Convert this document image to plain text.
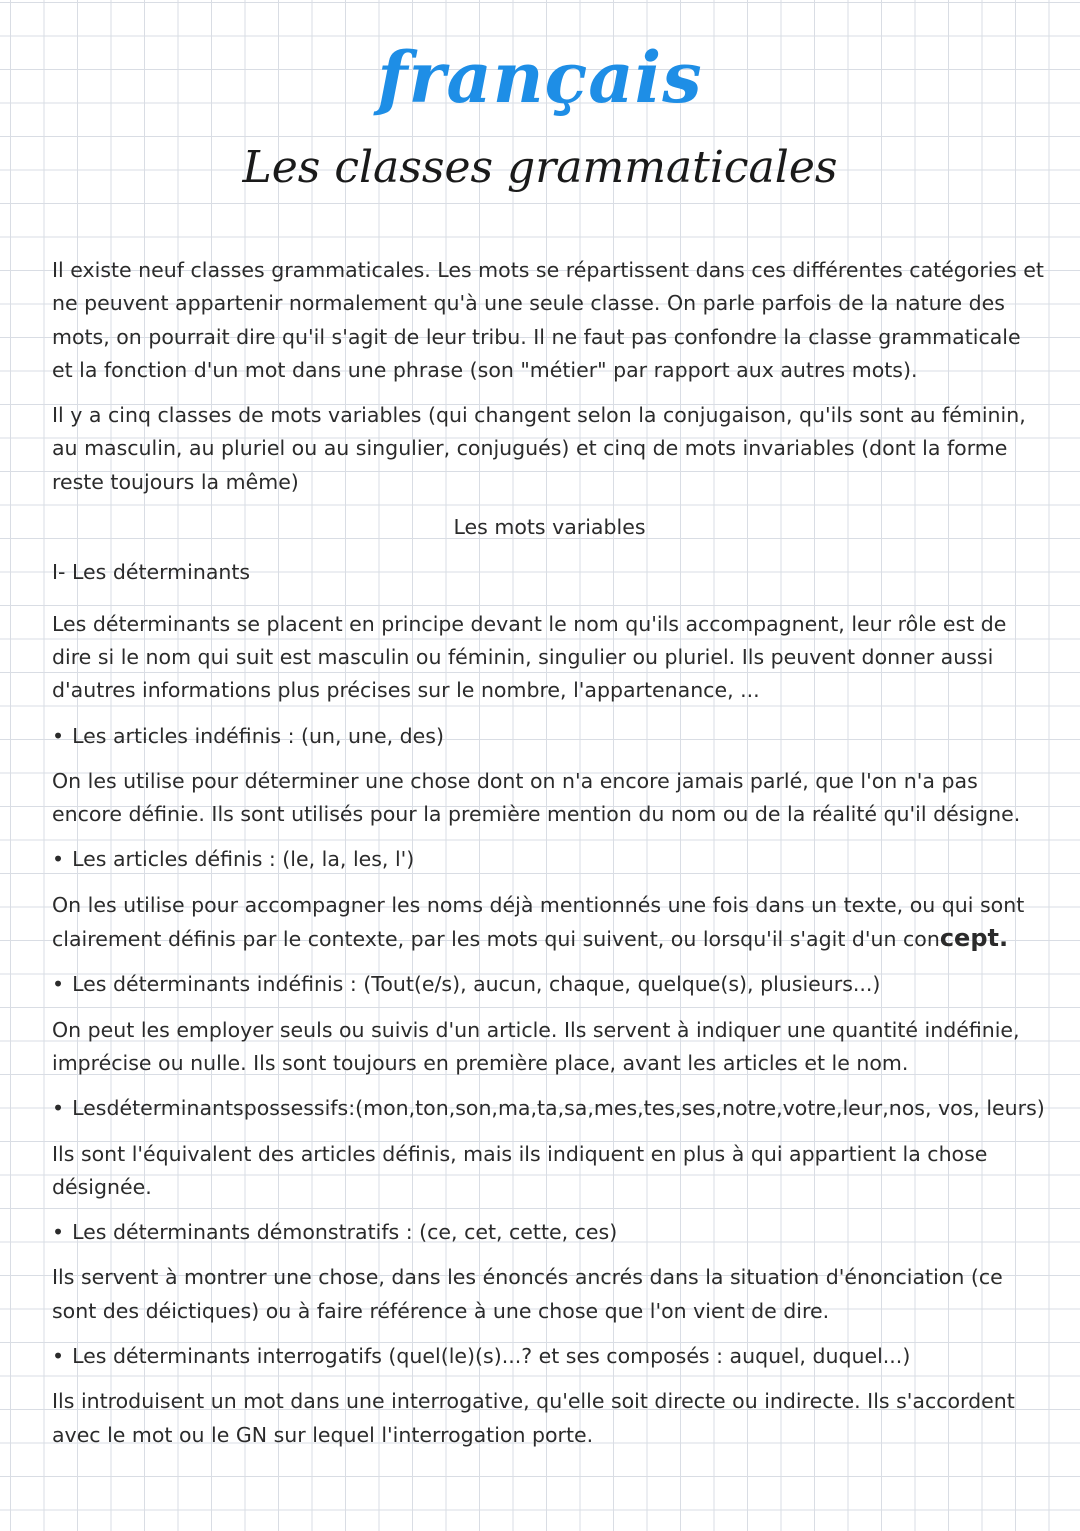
français
Les classes grammaticales

Il existe neuf classes grammaticales. Les mots se répartissent dans ces différentes catégories et ne peuvent appartenir normalement qu'à une seule classe. On parle parfois de la nature des mots, on pourrait dire qu'il s'agit de leur tribu. Il ne faut pas confondre la classe grammaticale et la fonction d'un mot dans une phrase (son "métier" par rapport aux autres mots).

Il y a cinq classes de mots variables (qui changent selon la conjugaison, qu'ils sont au féminin, au masculin, au pluriel ou au singulier, conjugués) et cinq de mots invariables (dont la forme reste toujours la même)

Les mots variables

I- Les déterminants

Les déterminants se placent en principe devant le nom qu'ils accompagnent, leur rôle est de dire si le nom qui suit est masculin ou féminin, singulier ou pluriel. Ils peuvent donner aussi d'autres informations plus précises sur le nombre, l'appartenance, ...

• Les articles indéfinis : (un, une, des)

On les utilise pour déterminer une chose dont on n'a encore jamais parlé, que l'on n'a pas encore définie. Ils sont utilisés pour la première mention du nom ou de la réalité qu'il désigne.

• Les articles définis : (le, la, les, l')

On les utilise pour accompagner les noms déjà mentionnés une fois dans un texte, ou qui sont clairement définis par le contexte, par les mots qui suivent, ou lorsqu'il s'agit d'un concept.

• Les déterminants indéfinis : (Tout(e/s), aucun, chaque, quelque(s), plusieurs...)

On peut les employer seuls ou suivis d'un article. Ils servent à indiquer une quantité indéfinie, imprécise ou nulle. Ils sont toujours en première place, avant les articles et le nom.

• Lesdéterminantspossessifs:(mon,ton,son,ma,ta,sa,mes,tes,ses,notre,votre,leur,nos, vos, leurs)

Ils sont l'équivalent des articles définis, mais ils indiquent en plus à qui appartient la chose désignée.

• Les déterminants démonstratifs : (ce, cet, cette, ces)

Ils servent à montrer une chose, dans les énoncés ancrés dans la situation d'énonciation (ce sont des déictiques) ou à faire référence à une chose que l'on vient de dire.

• Les déterminants interrogatifs (quel(le)(s)...? et ses composés : auquel, duquel...)

Ils introduisent un mot dans une interrogative, qu'elle soit directe ou indirecte. Ils s'accordent avec le mot ou le GN sur lequel l'interrogation porte.
